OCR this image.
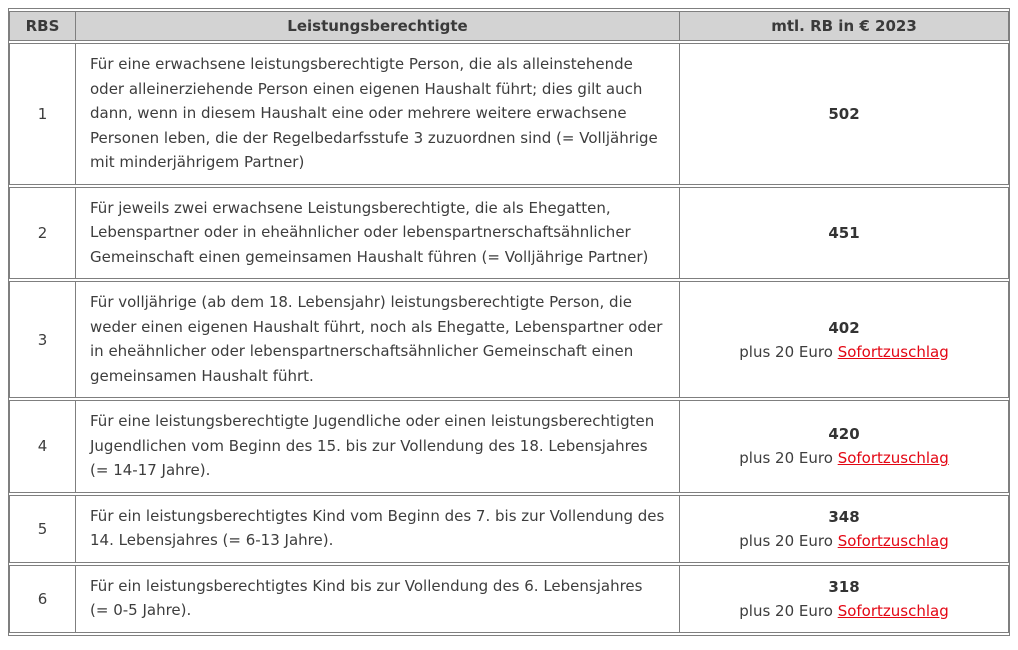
RBS	Leistungsberechtigte	mtl. RB in € 2023
1	Für eine erwachsene leistungsberechtigte Person, die als alleinstehende oder alleinerziehende Person einen eigenen Haushalt führt; dies gilt auch dann, wenn in diesem Haushalt eine oder mehrere weitere erwachsene Personen leben, die der Regelbedarfsstufe 3 zuzuordnen sind (= Volljährige mit minderjährigem Partner)	502

2	Für jeweils zwei erwachsene Leistungsberechtigte, die als Ehegatten, Lebenspartner oder in eheähnlicher oder lebenspartnerschaftsähnlicher Gemeinschaft einen gemeinsamen Haushalt führen (= Volljährige Partner)	451

3	Für volljährige (ab dem 18. Lebensjahr) leistungsberechtigte Person, die weder einen eigenen Haushalt führt, noch als Ehegatte, Lebenspartner oder in eheähnlicher oder lebenspartnerschaftsähnlicher Gemeinschaft einen gemeinsamen Haushalt führt.	402
plus 20 Euro Sofortzuschlag

4	Für eine leistungsberechtigte Jugendliche oder einen leistungsberechtigten Jugendlichen vom Beginn des 15. bis zur Vollendung des 18. Lebensjahres (= 14-17 Jahre).	420
plus 20 Euro Sofortzuschlag

5	Für ein leistungsberechtigtes Kind vom Beginn des 7. bis zur Vollendung des 14. Lebensjahres (= 6-13 Jahre).	348
plus 20 Euro Sofortzuschlag

6	Für ein leistungsberechtigtes Kind bis zur Vollendung des 6. Lebensjahres (= 0-5 Jahre).	318
plus 20 Euro Sofortzuschlag
